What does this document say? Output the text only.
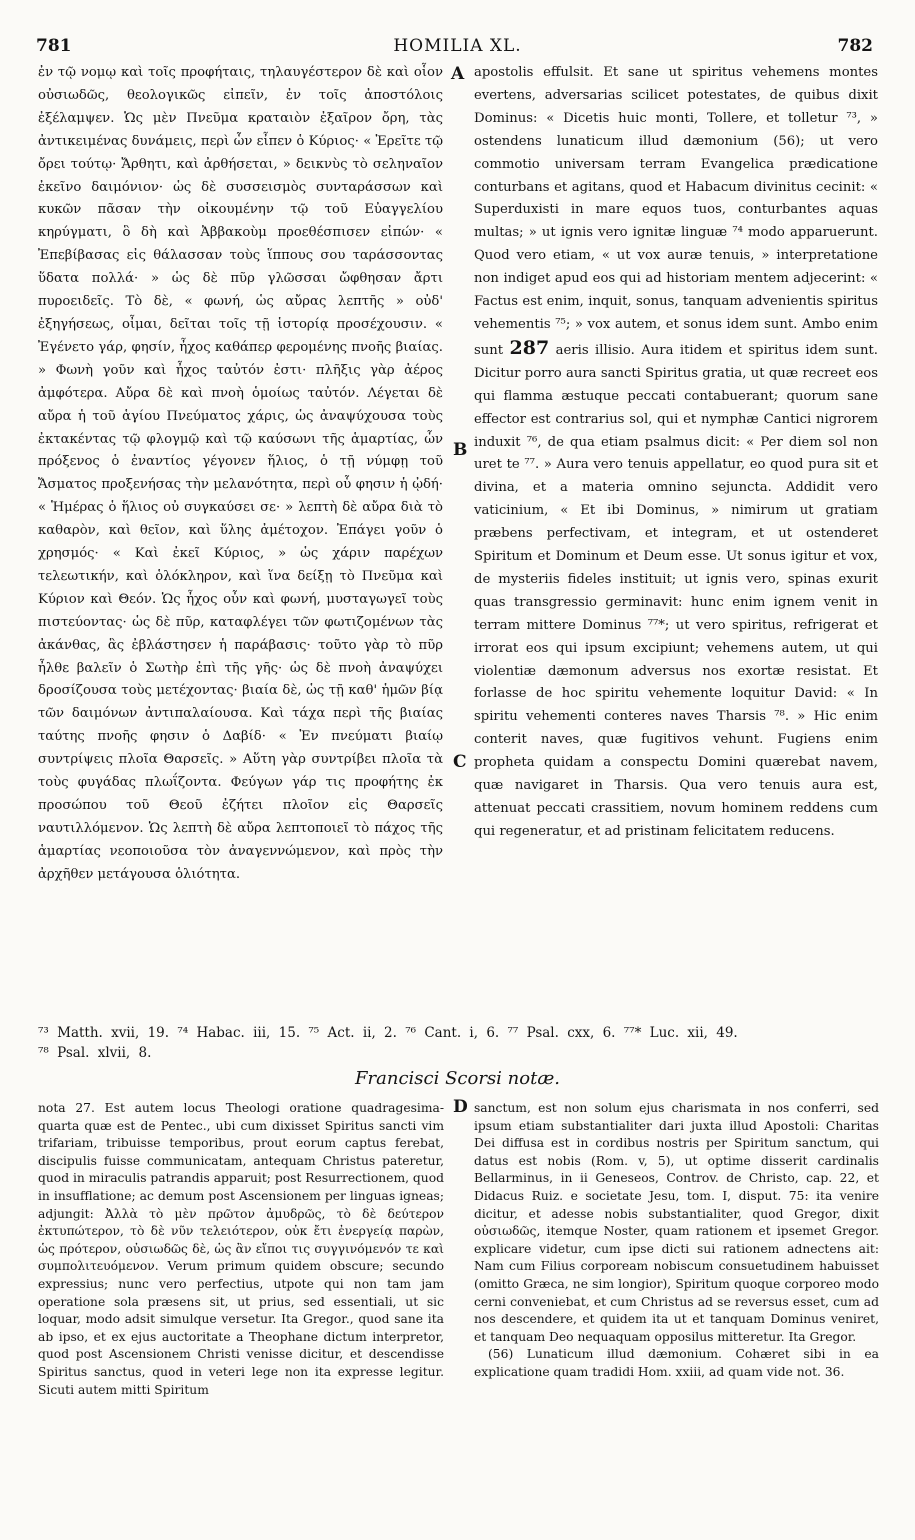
781	HOMILIA XL.	782

ἐν τῷ νομῳ καὶ τοῖς προφήταις, τηλαυγέστερον δὲ καὶ οἷον οὐσιωδῶς, θεολογικῶς εἰπεῖν, ἐν τοῖς ἀποστόλοις ἐξέλαμψεν. Ὡς μὲν Πνεῦμα κραταιὸν ἐξαῖρον ὄρη, τὰς ἀντικειμένας δυνάμεις, περὶ ὧν εἶπεν ὁ Κύριος· « Ἐρεῖτε τῷ ὄρει τούτῳ· Ἄρθητι, καὶ ἀρθήσεται, » δεικνὺς τὸ σεληναῖον ἐκεῖνο δαιμόνιον· ὡς δὲ συσσεισμὸς συνταράσσων καὶ κυκῶν πᾶσαν τὴν οἰκουμένην τῷ τοῦ Εὐαγγελίου κηρύγματι, ὃ δὴ καὶ Ἀββακοὺμ προεθέσπισεν εἰπών· « Ἐπεβίβασας εἰς θάλασσαν τοὺς ἵππους σου ταράσσοντας ὕδατα πολλά· » ὡς δὲ πῦρ γλῶσσαι ὤφθησαν ἄρτι πυροειδεῖς. Τὸ δὲ, « φωνή, ὡς αὔρας λεπτῆς » οὐδ' ἐξηγήσεως, οἶμαι, δεῖται τοῖς τῇ ἱστορίᾳ προσέχουσιν. « Ἐγένετο γάρ, φησίν, ἦχος καθάπερ φερομένης πνοῆς βιαίας. » Φωνὴ γοῦν καὶ ἦχος ταὐτόν ἐστι· πλῆξις γὰρ ἀέρος ἀμφότερα. Αὔρα δὲ καὶ πνοὴ ὁμοίως ταὐτόν. Λέγεται δὲ αὔρα ἡ τοῦ ἁγίου Πνεύματος χάρις, ὡς ἀναψύχουσα τοὺς ἐκτακέντας τῷ φλογμῷ καὶ τῷ καύσωνι τῆς ἁμαρτίας, ὧν πρόξενος ὁ ἐναντίος γέγονεν ἥλιος, ὁ τῇ νύμφῃ τοῦ Ἄσματος προξενήσας τὴν μελανότητα, περὶ οὗ φησιν ἡ ᾠδή· « Ἡμέρας ὁ ἥλιος οὐ συγκαύσει σε· » λεπτὴ δὲ αὔρα διὰ τὸ καθαρὸν, καὶ θεῖον, καὶ ὕλης ἀμέτοχον. Ἐπάγει γοῦν ὁ χρησμός· « Καὶ ἐκεῖ Κύριος, » ὡς χάριν παρέχων τελεωτικήν, καὶ ὁλόκληρον, καὶ ἵνα δείξῃ τὸ Πνεῦμα καὶ Κύριον καὶ Θεόν. Ὡς ἦχος οὖν καὶ φωνή, μυσταγωγεῖ τοὺς πιστεύοντας· ὡς δὲ πῦρ, καταφλέγει τῶν φωτιζομένων τὰς ἀκάνθας, ἃς ἐβλάστησεν ἡ παράβασις· τοῦτο γὰρ τὸ πῦρ ἦλθε βαλεῖν ὁ Σωτὴρ ἐπὶ τῆς γῆς· ὡς δὲ πνοὴ ἀναψύχει δροσίζουσα τοὺς μετέχοντας· βιαία δὲ, ὡς τῇ καθ' ἡμῶν βίᾳ τῶν δαιμόνων ἀντιπαλαίουσα. Καὶ τάχα περὶ τῆς βιαίας ταύτης πνοῆς φησιν ὁ Δαβίδ· « Ἐν πνεύματι βιαίῳ συντρίψεις πλοῖα Θαρσεῖς. » Αὕτη γὰρ συντρίβει πλοῖα τὰ τοὺς φυγάδας πλωΐζοντα. Φεύγων γάρ τις προφήτης ἐκ προσώπου τοῦ Θεοῦ ἐζήτει πλοῖον εἰς Θαρσεῖς ναυτιλλόμενον. Ὡς λεπτὴ δὲ αὔρα λεπτοποιεῖ τὸ πάχος τῆς ἁμαρτίας νεοποιοῦσα τὸν ἀναγεννώμενον, καὶ πρὸς τὴν ἀρχῆθεν μετάγουσα ὁλιότητα.

apostolis effulsit. Et sane ut spiritus vehemens montes evertens, adversarias scilicet potestates, de quibus dixit Dominus: « Dicetis huic monti, Tollere, et tolletur ⁷³, » ostendens lunaticum illud dæmonium (56); ut vero commotio universam terram Evangelica prædicatione conturbans et agitans, quod et Habacum divinitus cecinit: « Superduxisti in mare equos tuos, conturbantes aquas multas; » ut ignis vero ignitæ linguæ ⁷⁴ modo apparuerunt. Quod vero etiam, « ut vox auræ tenuis, » interpretatione non indiget apud eos qui ad historiam mentem adjecerint: « Factus est enim, inquit, sonus, tanquam advenientis spiritus vehementis ⁷⁵; » vox autem, et sonus idem sunt. Ambo enim sunt 287 aeris illisio. Aura itidem et spiritus idem sunt. Dicitur porro aura sancti Spiritus gratia, ut quæ recreet eos qui flamma æstuque peccati contabuerant; quorum sane effector est contrarius sol, qui et nymphæ Cantici nigrorem induxit ⁷⁶, de qua etiam psalmus dicit: « Per diem sol non uret te ⁷⁷. » Aura vero tenuis appellatur, eo quod pura sit et divina, et a materia omnino sejuncta. Addidit vero vaticinium, « Et ibi Dominus, » nimirum ut gratiam præbens perfectivam, et integram, et ut ostenderet Spiritum et Dominum et Deum esse. Ut sonus igitur et vox, de mysteriis fideles instituit; ut ignis vero, spinas exurit quas transgressio germinavit: hunc enim ignem venit in terram mittere Dominus ⁷⁷*; ut vero spiritus, refrigerat et irrorat eos qui ipsum excipiunt; vehemens autem, ut qui violentiæ dæmonum adversus nos exortæ resistat. Et forlasse de hoc spiritu vehemente loquitur David: « In spiritu vehementi conteres naves Tharsis ⁷⁸. » Hic enim conterit naves, quæ fugitivos vehunt. Fugiens enim propheta quidam a conspectu Domini quærebat navem, quæ navigaret in Tharsis. Qua vero tenuis aura est, attenuat peccati crassitiem, novum hominem reddens cum qui regeneratur, et ad pristinam felicitatem reducens.

A
B
C
D

⁷³ Matth. xvii, 19. ⁷⁴ Habac. iii, 15. ⁷⁵ Act. ii, 2. ⁷⁶ Cant. i, 6. ⁷⁷ Psal. cxx, 6. ⁷⁷* Luc. xii, 49.

⁷⁸ Psal. xlvii, 8.

Francisci Scorsi notæ.

nota 27. Est autem locus Theologi oratione quadragesima-quarta quæ est de Pentec., ubi cum dixisset Spiritus sancti vim trifariam, tribuisse temporibus, prout eorum captus ferebat, discipulis fuisse communicatam, antequam Christus pateretur, quod in miraculis patrandis apparuit; post Resurrectionem, quod in insufflatione; ac demum post Ascensionem per linguas igneas; adjungit: Ἀλλὰ τὸ μὲν πρῶτον ἀμυδρῶς, τὸ δὲ δεύτερον ἐκτυπώτερον, τὸ δὲ νῦν τελειότερον, οὐκ ἔτι ἐνεργείᾳ παρὼν, ὡς πρότερον, οὐσιωδῶς δὲ, ὡς ἂν εἴποι τις συγγινόμενόν τε καὶ συμπολιτευόμενον. Verum primum quidem obscure; secundo expressius; nunc vero perfectius, utpote qui non tam jam operatione sola præsens sit, ut prius, sed essentiali, ut sic loquar, modo adsit simulque versetur. Ita Gregor., quod sane ita ab ipso, et ex ejus auctoritate a Theophane dictum interpretor, quod post Ascensionem Christi venisse dicitur, et descendisse Spiritus sanctus, quod in veteri lege non ita expresse legitur. Sicuti autem mitti Spiritum

sanctum, est non solum ejus charismata in nos conferri, sed ipsum etiam substantialiter dari juxta illud Apostoli: Charitas Dei diffusa est in cordibus nostris per Spiritum sanctum, qui datus est nobis (Rom. v, 5), ut optime disserit cardinalis Bellarminus, in ii Geneseos, Controv. de Christo, cap. 22, et Didacus Ruiz. e societate Jesu, tom. I, disput. 75: ita venire dicitur, et adesse nobis substantialiter, quod Gregor, dixit οὐσιωδῶς, itemque Noster, quam rationem et ipsemet Gregor. explicare videtur, cum ipse dicti sui rationem adnectens ait: Nam cum Filius corpoream nobiscum consuetudinem habuisset (omitto Græca, ne sim longior), Spiritum quoque corporeo modo cerni conveniebat, et cum Christus ad se reversus esset, cum ad nos descendere, et quidem ita ut et tanquam Dominus veniret, et tanquam Deo nequaquam opposilus mitteretur. Ita Gregor.

(56) Lunaticum illud dæmonium. Cohæret sibi in ea explicatione quam tradidi Hom. xxiii, ad quam vide not. 36.
